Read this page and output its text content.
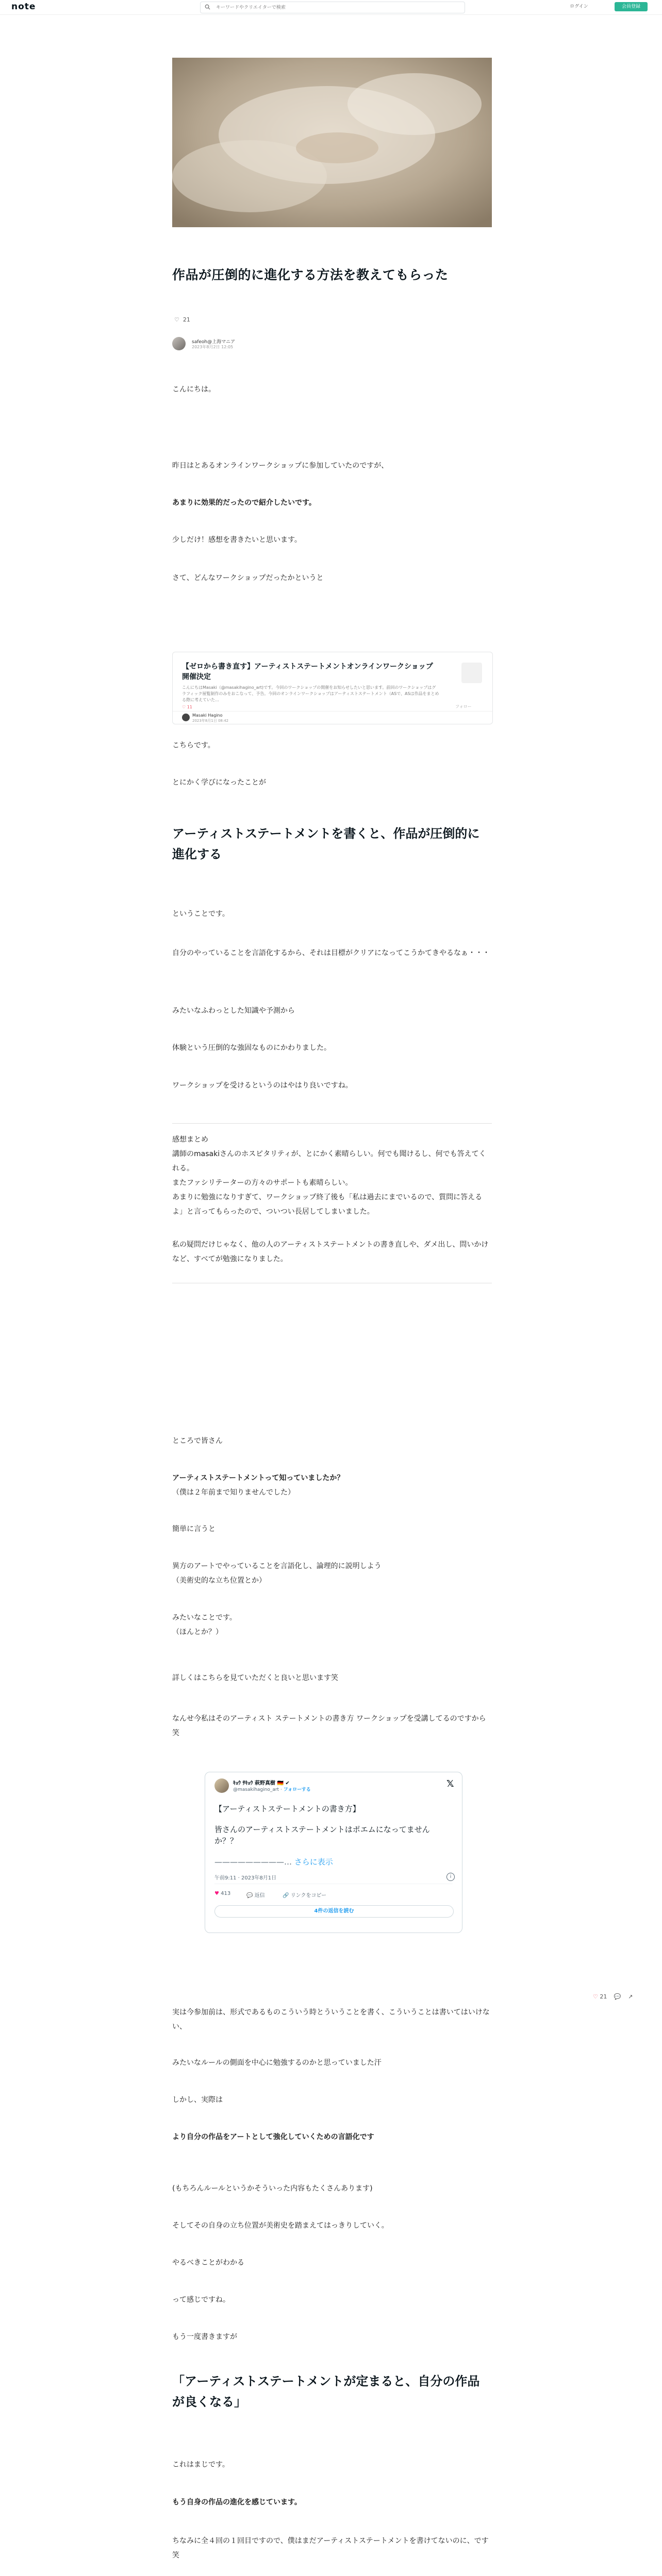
note
キーワードやクリエイターで検索	ログイン	会員登録
作品が圧倒的に進化する方法を教えてもらった
♡ 21
safeoh@上海マニア
2023年8月2日 12:05
こんにちは。
昨日はとあるオンラインワークショップに参加していたのですが、
あまりに効果的だったので紹介したいです。
少しだけ！感想を書きたいと思います。
さて、どんなワークショップだったかというと
【ゼロから書き直す】アーティストステートメントオンラインワークショップ開催決定
こんにちはMasaki（@masakihagino_art)です。今回のワークショップの開催をお知らせしたいと思います。前回のワークショップはグラフィック展覧制作のみをおこなって、予告。今回のオンラインワークショップはアーティストステートメント（ASで、ASは作品をまとめる際に考えていた…
♡ 11	フォロー
Masaki Hagino
2023年8月1日 08:42
こちらです。
とにかく学びになったことが
アーティストステートメントを書くと、作品が圧倒的に進化する
ということです。
自分のやっていることを言語化するから、それは目標がクリアになってこうかてきやるなぁ・・・
みたいなふわっとした知識や予測から
体験という圧倒的な強固なものにかわりました。
ワークショップを受けるというのはやはり良いですね。
感想まとめ
講師のmasakiさんのホスピタリティが、とにかく素晴らしい。何でも聞けるし、何でも答えてくれる。
またファシリテーターの方々のサポートも素晴らしい。
あまりに勉強になりすぎて、ワークショップ終了後も「私は過去にまでいるので、質問に答えるよ」と言ってもらったので、ついつい長居してしまいました。
私の疑問だけじゃなく、他の人のアーティストステートメントの書き直しや、ダメ出し、問いかけなど、すべてが勉強になりました。
ところで皆さん
アーティストステートメントって知っていましたか？
（僕は２年前まで知りませんでした）
簡単に言うと
異方のアートでやっていることを言語化し、論理的に説明しよう
（美術史的な立ち位置とか）
みたいなことです。
（ほんとか？）
詳しくはこちらを見ていただくと良いと思います笑
なんせ今私はそのアーティスト ステートメントの書き方 ワークショップを受講してるのですから笑
ｷｮｳ ｻｷｮｳ 萩野真樹 🇩🇪 ✔
@masakihagino_art · フォローする
𝕏
【アーティストステートメントの書き方】
皆さんのアーティストステートメントはポエムになってませんか？？
—————————… さらに表示
午前9:11 · 2023年8月1日	i
♥ 413	💬 返信	🔗 リンクをコピー
4件の返信を読む
♡ 21 💬 ↗
実は今参加前は、形式であるものこういう時とういうことを書く、こういうことは書いてはいけない、
みたいなルールの側面を中心に勉強するのかと思っていました汗
しかし、実際は
より自分の作品をアートとして強化していくための言語化です
(もちろんルールというかそういった内容もたくさんあります)
そしてその自身の立ち位置が美術史を踏まえてはっきりしていく。
やるべきことがわかる
って感じですね。
もう一度書きますが
「アーティストステートメントが定まると、自分の作品が良くなる」
これはまじです。
もう自身の作品の進化を感じています。
ちなみに全４回の１回目ですので、僕はまだアーティストステートメントを書けてないのに、です笑
